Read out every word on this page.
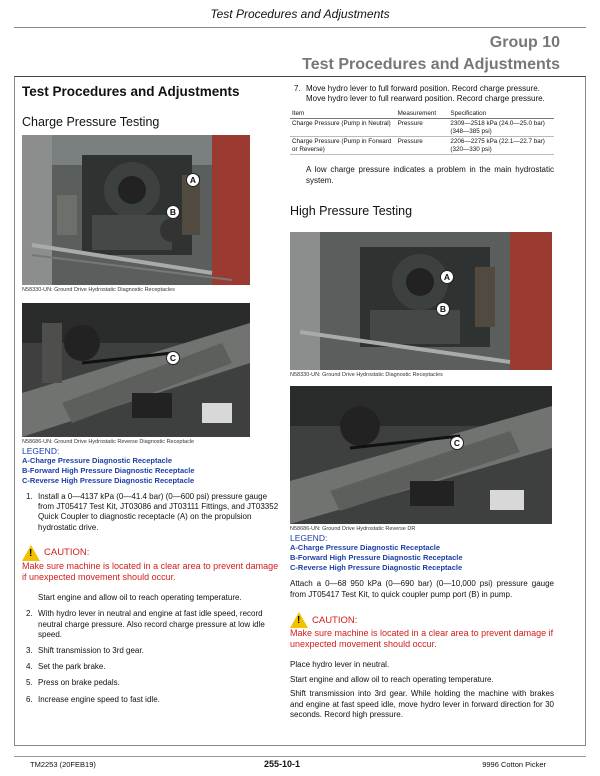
Test Procedures and Adjustments
Group 10
Test Procedures and Adjustments
Test Procedures and Adjustments
Charge Pressure Testing
A
B
N58330-UN: Ground Drive Hydrostatic Diagnostic Receptacles
C
N58686-UN: Ground Drive Hydrostatic Reverse Diagnostic Receptacle
LEGEND:
A-Charge Pressure Diagnostic Receptacle
B-Forward High Pressure Diagnostic Receptacle
C-Reverse High Pressure Diagnostic Receptacle
1. Install a 0—4137 kPa (0—41.4 bar) (0—600 psi) pressure gauge from JT05417 Test Kit, JT03086 and JT03111 Fittings, and JT03352 Quick Coupler to diagnostic receptacle (A) on the propulsion hydrostatic drive.
!
CAUTION:
Make sure machine is located in a clear area to prevent damage if unexpected movement should occur.
Start engine and allow oil to reach operating temperature.
2. With hydro lever in neutral and engine at fast idle speed, record neutral charge pressure. Also record charge pressure at low idle speed.
3. Shift transmission to 3rd gear.
4. Set the park brake.
5. Press on brake pedals.
6. Increase engine speed to fast idle.
7. Move hydro lever to full forward position. Record charge pressure. Move hydro lever to full rearward position. Record charge pressure.
Item	Measurement	Specification
Charge Pressure (Pump in Neutral)	Pressure	2309—2518 kPa (24.0—25.0 bar) (348—385 psi)
Charge Pressure (Pump in Forward or Reverse)	Pressure	2206—2275 kPa (22.1—22.7 bar) (320—330 psi)
A low charge pressure indicates a problem in the main hydrostatic system.
High Pressure Testing
A
B
N58330-UN: Ground Drive Hydrostatic Diagnostic Receptacles
C
N58686-UN: Ground Drive Hydrostatic Reverse DR
LEGEND:
A-Charge Pressure Diagnostic Receptacle
B-Forward High Pressure Diagnostic Receptacle
C-Reverse High Pressure Diagnostic Receptacle
Attach a 0—68 950 kPa (0—690 bar) (0—10,000 psi) pressure gauge from JT05417 Test Kit, to quick coupler pump port (B) in pump.
!
CAUTION:
Make sure machine is located in a clear area to prevent damage if unexpected movement should occur.
Place hydro lever in neutral.
Start engine and allow oil to reach operating temperature.
Shift transmission into 3rd gear. While holding the machine with brakes and engine at fast speed idle, move hydro lever in forward direction for 30 seconds. Record high pressure.
TM2253 (20FEB19)	255-10-1	9996 Cotton Picker
